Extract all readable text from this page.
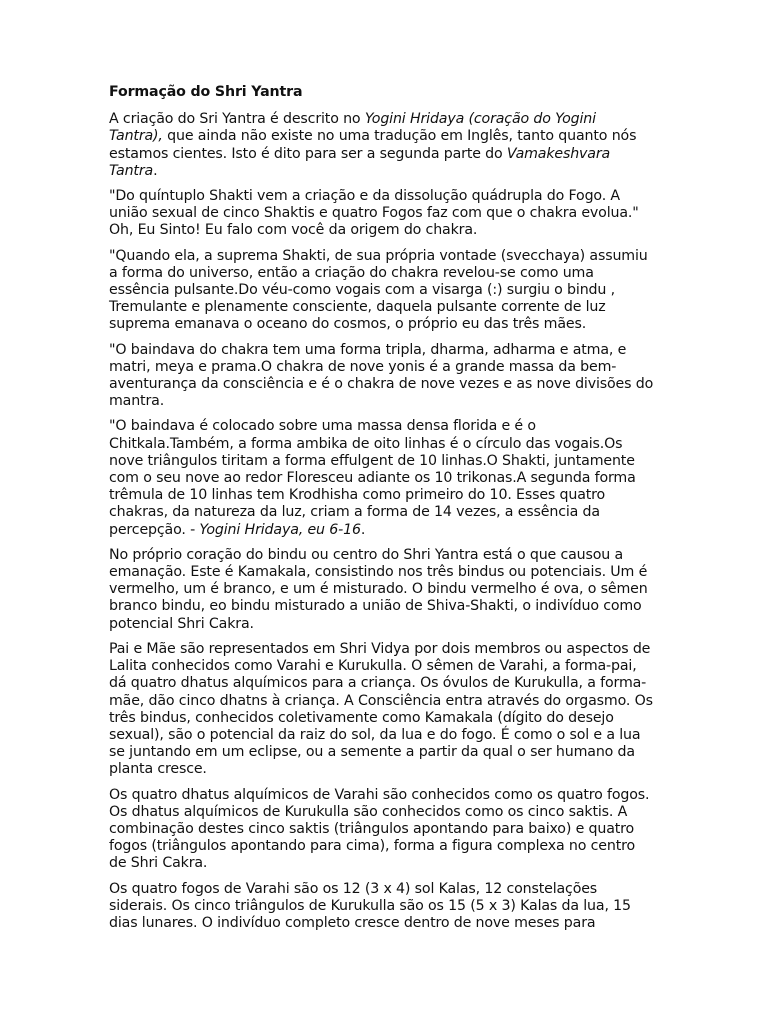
Formação do Shri Yantra

A criação do Sri Yantra é descrito no Yogini Hridaya (coração do Yogini Tantra), que ainda não existe no uma tradução em Inglês, tanto quanto nós estamos cientes. Isto é dito para ser a segunda parte do Vamakeshvara Tantra.

"Do quíntuplo Shakti vem a criação e da dissolução quádrupla do Fogo. A união sexual de cinco Shaktis e quatro Fogos faz com que o chakra evolua." Oh, Eu Sinto! Eu falo com você da origem do chakra.

"Quando ela, a suprema Shakti, de sua própria vontade (svecchaya) assumiu a forma do universo, então a criação do chakra revelou-se como uma essência pulsante.Do véu-como vogais com a visarga (:) surgiu o bindu , Tremulante e plenamente consciente, daquela pulsante corrente de luz suprema emanava o oceano do cosmos, o próprio eu das três mães.

"O baindava do chakra tem uma forma tripla, dharma, adharma e atma, e matri, meya e prama.O chakra de nove yonis é a grande massa da bem-aventurança da consciência e é o chakra de nove vezes e as nove divisões do mantra.

"O baindava é colocado sobre uma massa densa florida e é o Chitkala.Também, a forma ambika de oito linhas é o círculo das vogais.Os nove triângulos tiritam a forma effulgent de 10 linhas.O Shakti, juntamente com o seu nove ao redor Floresceu adiante os 10 trikonas.A segunda forma trêmula de 10 linhas tem Krodhisha como primeiro do 10. Esses quatro chakras, da natureza da luz, criam a forma de 14 vezes, a essência da percepção. - Yogini Hridaya, eu 6-16.

No próprio coração do bindu ou centro do Shri Yantra está o que causou a emanação. Este é Kamakala, consistindo nos três bindus ou potenciais. Um é vermelho, um é branco, e um é misturado. O bindu vermelho é ova, o sêmen branco bindu, eo bindu misturado a união de Shiva-Shakti, o indivíduo como potencial Shri Cakra.

Pai e Mãe são representados em Shri Vidya por dois membros ou aspectos de Lalita conhecidos como Varahi e Kurukulla. O sêmen de Varahi, a forma-pai, dá quatro dhatus alquímicos para a criança. Os óvulos de Kurukulla, a forma-mãe, dão cinco dhatns à criança. A Consciência entra através do orgasmo. Os três bindus, conhecidos coletivamente como Kamakala (dígito do desejo sexual), são o potencial da raiz do sol, da lua e do fogo. É como o sol e a lua se juntando em um eclipse, ou a semente a partir da qual o ser humano da planta cresce.

Os quatro dhatus alquímicos de Varahi são conhecidos como os quatro fogos. Os dhatus alquímicos de Kurukulla são conhecidos como os cinco saktis. A combinação destes cinco saktis (triângulos apontando para baixo) e quatro fogos (triângulos apontando para cima), forma a figura complexa no centro de Shri Cakra.

Os quatro fogos de Varahi são os 12 (3 x 4) sol Kalas, 12 constelações siderais. Os cinco triângulos de Kurukulla são os 15 (5 x 3) Kalas da lua, 15 dias lunares. O indivíduo completo cresce dentro de nove meses para
